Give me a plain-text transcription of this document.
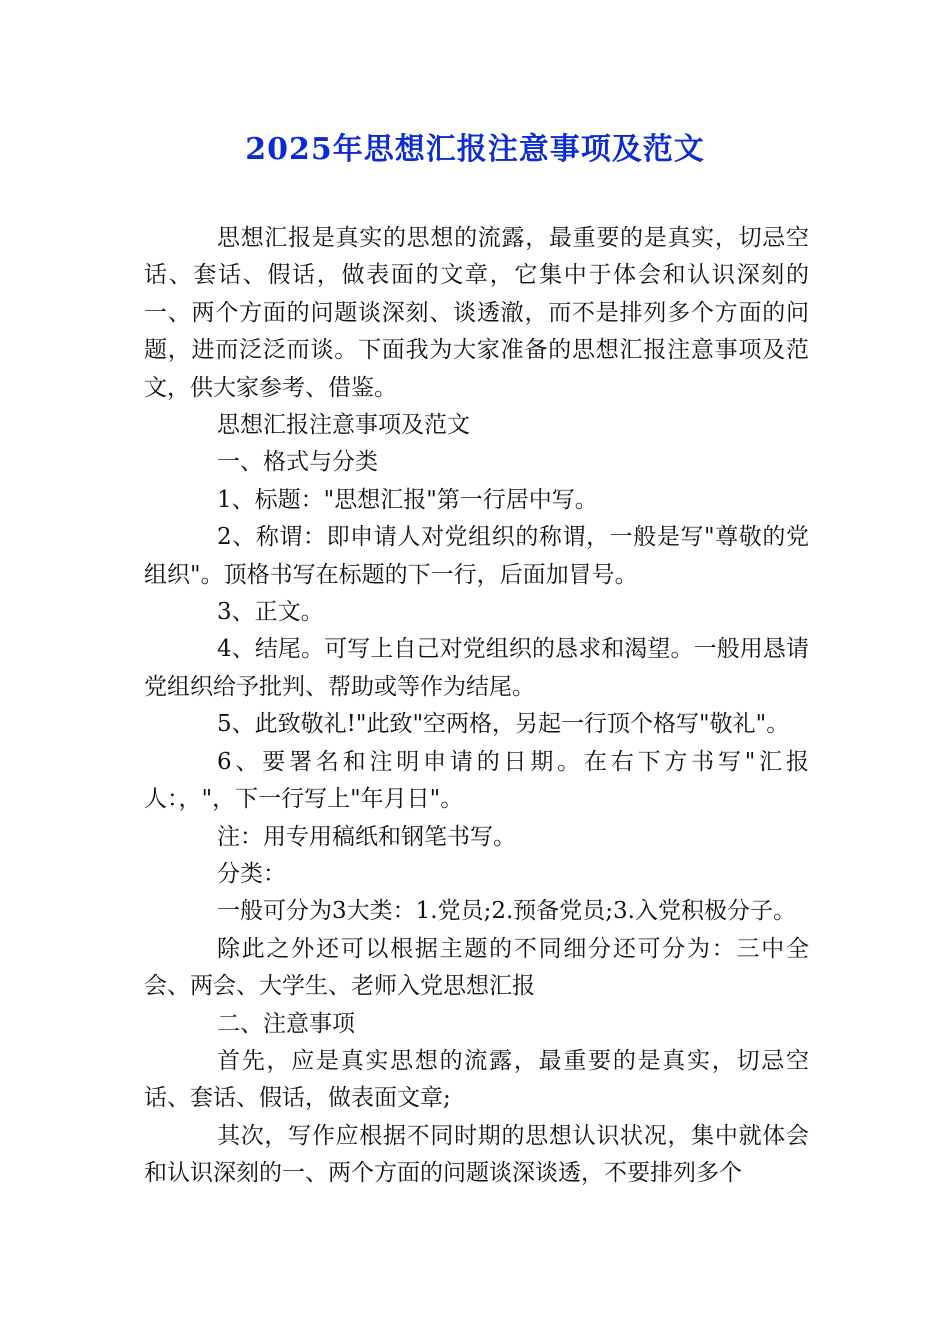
2025年思想汇报注意事项及范文

思想汇报是真实的思想的流露，最重要的是真实，切忌空话、套话、假话，做表面的文章，它集中于体会和认识深刻的一、两个方面的问题谈深刻、谈透澈，而不是排列多个方面的问题，进而泛泛而谈。下面我为大家准备的思想汇报注意事项及范文，供大家参考、借鉴。

思想汇报注意事项及范文

一、格式与分类

1、标题："思想汇报"第一行居中写。

2、称谓：即申请人对党组织的称谓，一般是写"尊敬的党组织"。顶格书写在标题的下一行，后面加冒号。

3、正文。

4、结尾。可写上自己对党组织的恳求和渴望。一般用恳请党组织给予批判、帮助或等作为结尾。

5、此致敬礼!"此致"空两格，另起一行顶个格写"敬礼"。

6、要署名和注明申请的日期。在右下方书写"汇报人：，"，下一行写上"年月日"。

注：用专用稿纸和钢笔书写。

分类：

一般可分为3大类：1.党员;2.预备党员;3.入党积极分子。

除此之外还可以根据主题的不同细分还可分为：三中全会、两会、大学生、老师入党思想汇报

二、注意事项

首先，应是真实思想的流露，最重要的是真实，切忌空话、套话、假话，做表面文章;

其次，写作应根据不同时期的思想认识状况，集中就体会和认识深刻的一、两个方面的问题谈深谈透，不要排列多个
